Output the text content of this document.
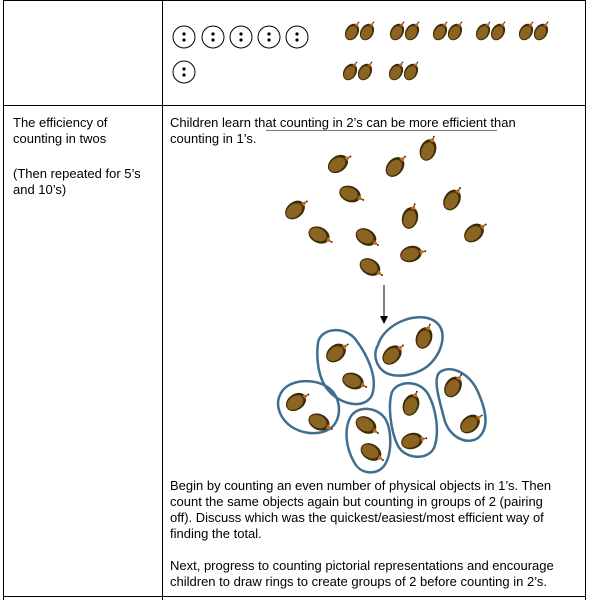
The efficiency of
counting in twos
(Then repeated for 5’s
and 10’s)
Children learn that counting in 2’s can be more efficient than
counting in 1’s.
Begin by counting an even number of physical objects in 1’s. Then
count the same objects again but counting in groups of 2 (pairing
off). Discuss which was the quickest/easiest/most efficient way of
finding the total.
Next, progress to counting pictorial representations and encourage
children to draw rings to create groups of 2 before counting in 2’s.
